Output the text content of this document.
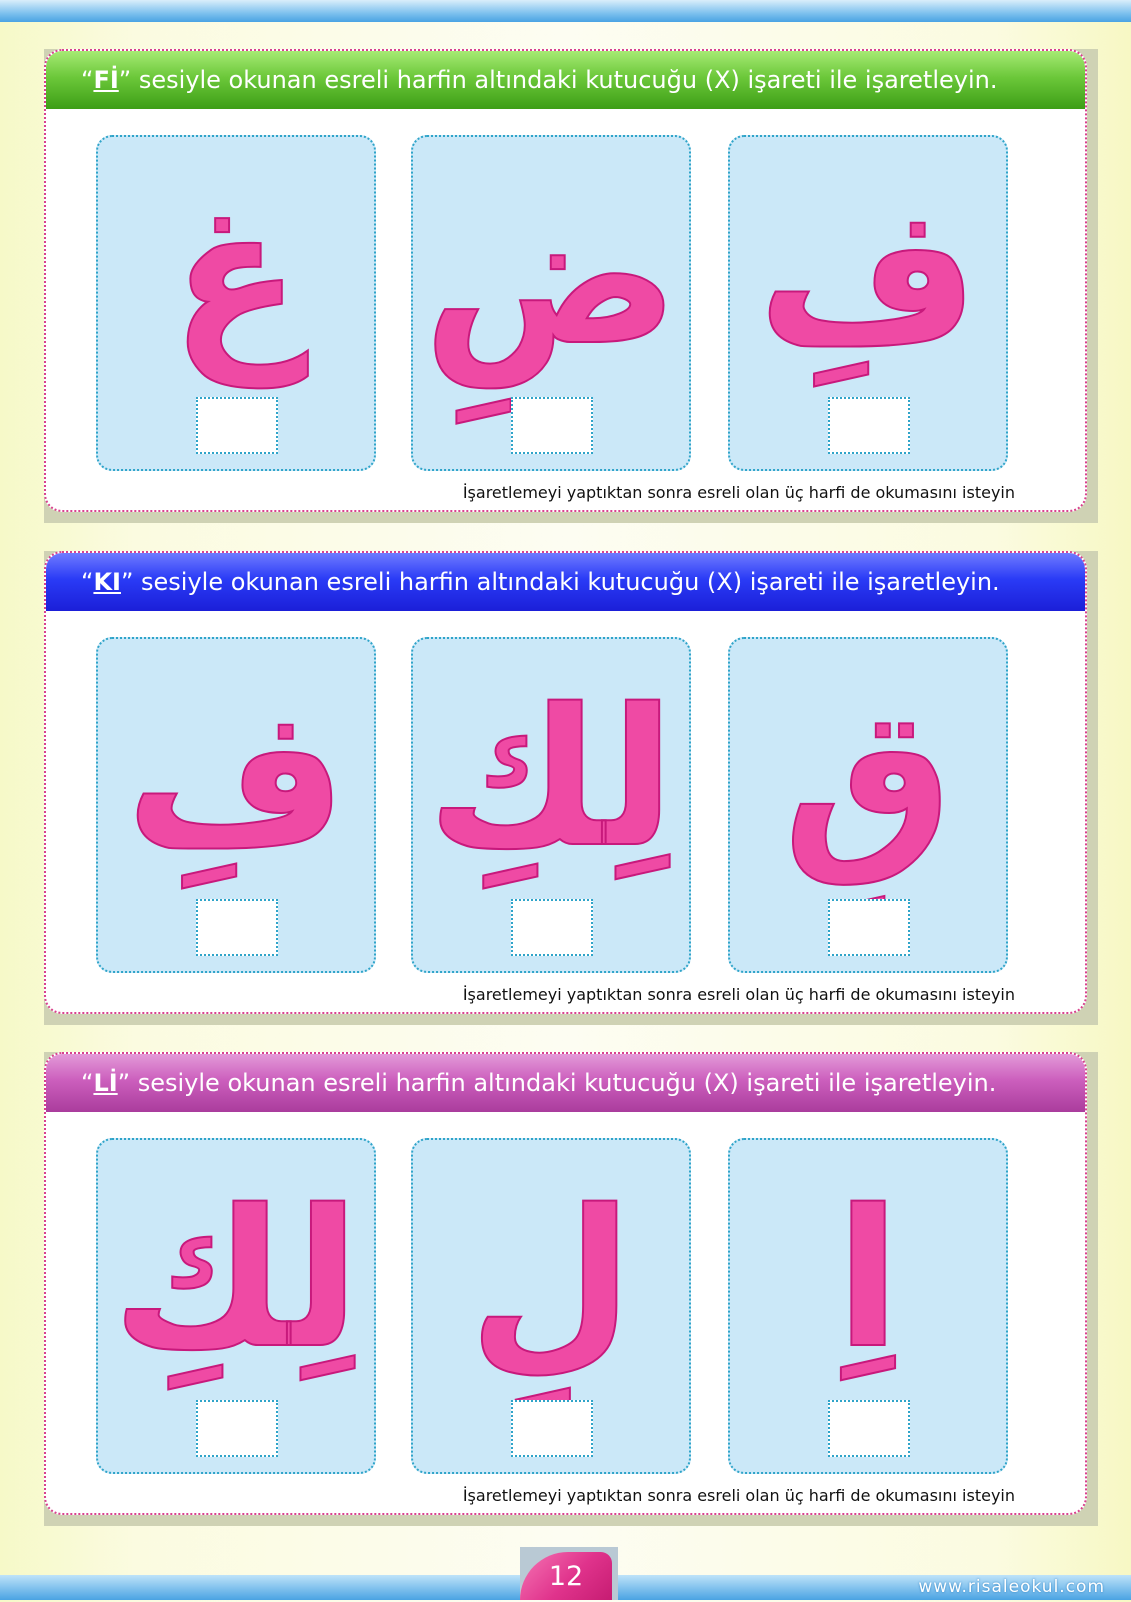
“Fİ” sesiyle okunan esreli harfin altındaki kutucuğu (X) işareti ile işaretleyin.
غِ ضِ فِ
İşaretlemeyi yaptıktan sonra esreli olan üç harfi de okumasını isteyin
“KI” sesiyle okunan esreli harfin altındaki kutucuğu (X) işareti ile işaretleyin.
فِ لِكِ قِ
İşaretlemeyi yaptıktan sonra esreli olan üç harfi de okumasını isteyin
“Lİ” sesiyle okunan esreli harfin altındaki kutucuğu (X) işareti ile işaretleyin.
لِكِ لِ	اِ
İşaretlemeyi yaptıktan sonra esreli olan üç harfi de okumasını isteyin
12	www.risaleokul.com
